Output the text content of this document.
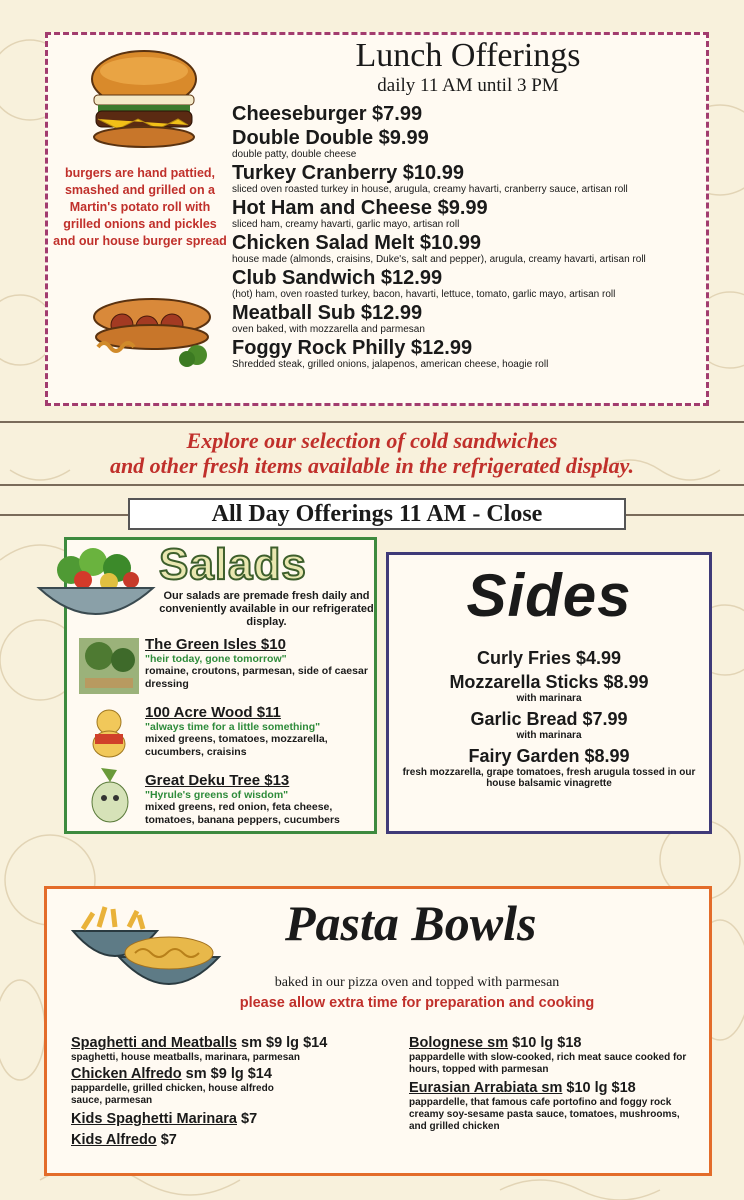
Lunch Offerings
daily 11 AM until 3 PM
burgers are hand pattied, smashed and grilled on a Martin's potato roll with grilled onions and pickles and our house burger spread
Cheeseburger $7.99
Double Double $9.99
double patty, double cheese
Turkey Cranberry $10.99
sliced oven roasted turkey in house, arugula, creamy havarti, cranberry sauce, artisan roll
Hot Ham and Cheese $9.99
sliced ham, creamy havarti, garlic mayo, artisan roll
Chicken Salad Melt $10.99
house made (almonds, craisins, Duke's, salt and pepper), arugula, creamy havarti, artisan roll
Club Sandwich $12.99
(hot) ham, oven roasted turkey, bacon, havarti, lettuce, tomato, garlic mayo, artisan roll
Meatball Sub $12.99
oven baked, with mozzarella and parmesan
Foggy Rock Philly $12.99
Shredded steak, grilled onions, jalapenos, american cheese, hoagie roll
Explore our selection of cold sandwiches
and other fresh items available in the refrigerated display.
All Day Offerings 11 AM - Close
Salads
Our salads are premade fresh daily and conveniently available in our refrigerated display.
The Green Isles $10
"heir today, gone tomorrow"
romaine, croutons, parmesan, side of caesar dressing
100 Acre Wood $11
"always time for a little something"
mixed greens, tomatoes, mozzarella, cucumbers, craisins
Great Deku Tree $13
"Hyrule's greens of wisdom"
mixed greens, red onion, feta cheese, tomatoes, banana peppers, cucumbers
Sides
Curly Fries $4.99
Mozzarella Sticks $8.99
with marinara
Garlic Bread $7.99
with marinara
Fairy Garden $8.99
fresh mozzarella, grape tomatoes, fresh arugula tossed in our house balsamic vinagrette
Pasta Bowls
baked in our pizza oven and topped with parmesan
please allow extra time for preparation and cooking
Spaghetti and Meatballs sm $9 lg $14
spaghetti, house meatballs, marinara, parmesan
Chicken Alfredo sm $9 lg $14
pappardelle, grilled chicken, house alfredo sauce, parmesan
Kids Spaghetti Marinara $7
Kids Alfredo $7
Bolognese sm $10 lg $18
pappardelle with slow-cooked, rich meat sauce cooked for hours, topped with parmesan
Eurasian Arrabiata sm $10 lg $18
pappardelle, that famous cafe portofino and foggy rock creamy soy-sesame pasta sauce, tomatoes, mushrooms, and grilled chicken
